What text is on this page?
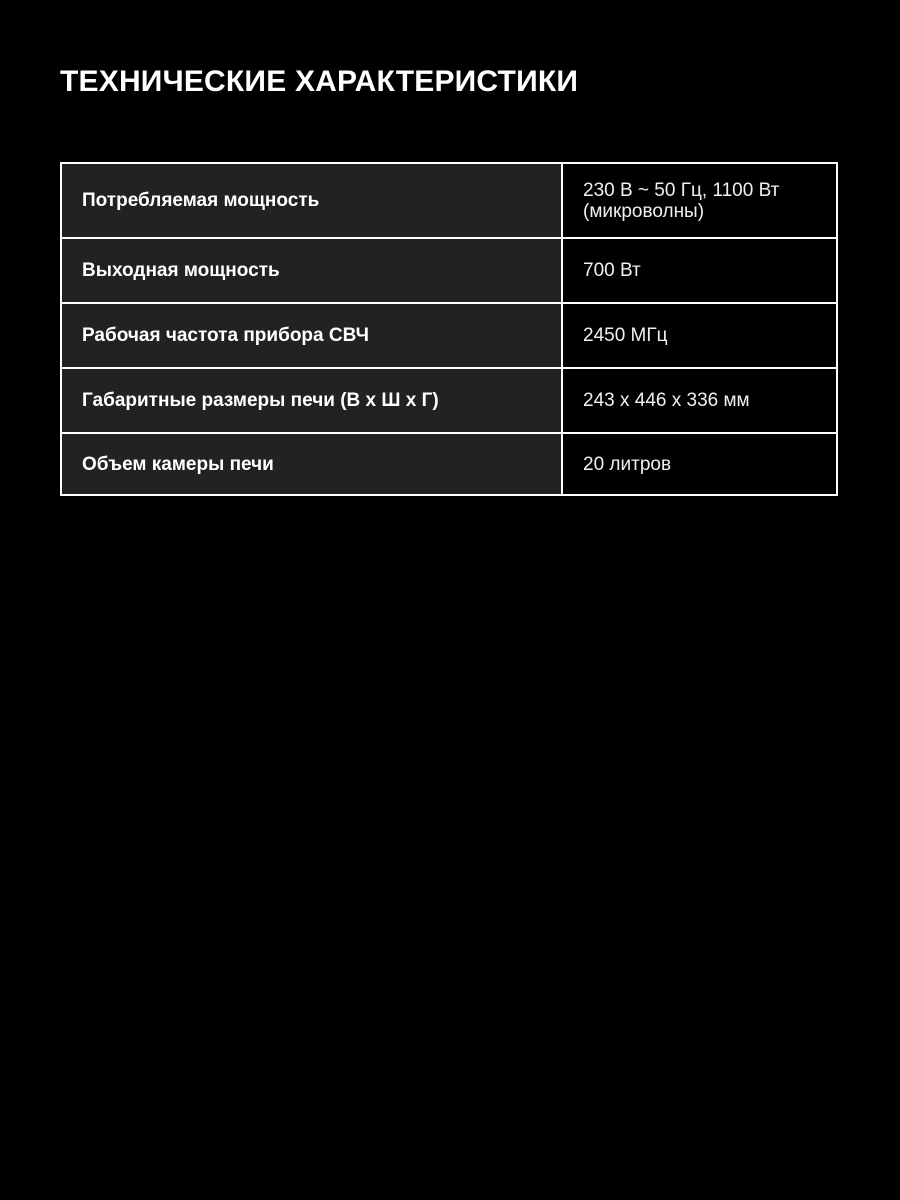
ТЕХНИЧЕСКИЕ ХАРАКТЕРИСТИКИ
Потребляемая мощность	230 В ~ 50 Гц, 1100 Вт
(микроволны)

Выходная мощность	700 Вт

Рабочая частота прибора СВЧ	2450 МГц

Габаритные размеры печи (В х Ш х Г)	243 х 446 х 336 мм

Объем камеры печи	20 литров
